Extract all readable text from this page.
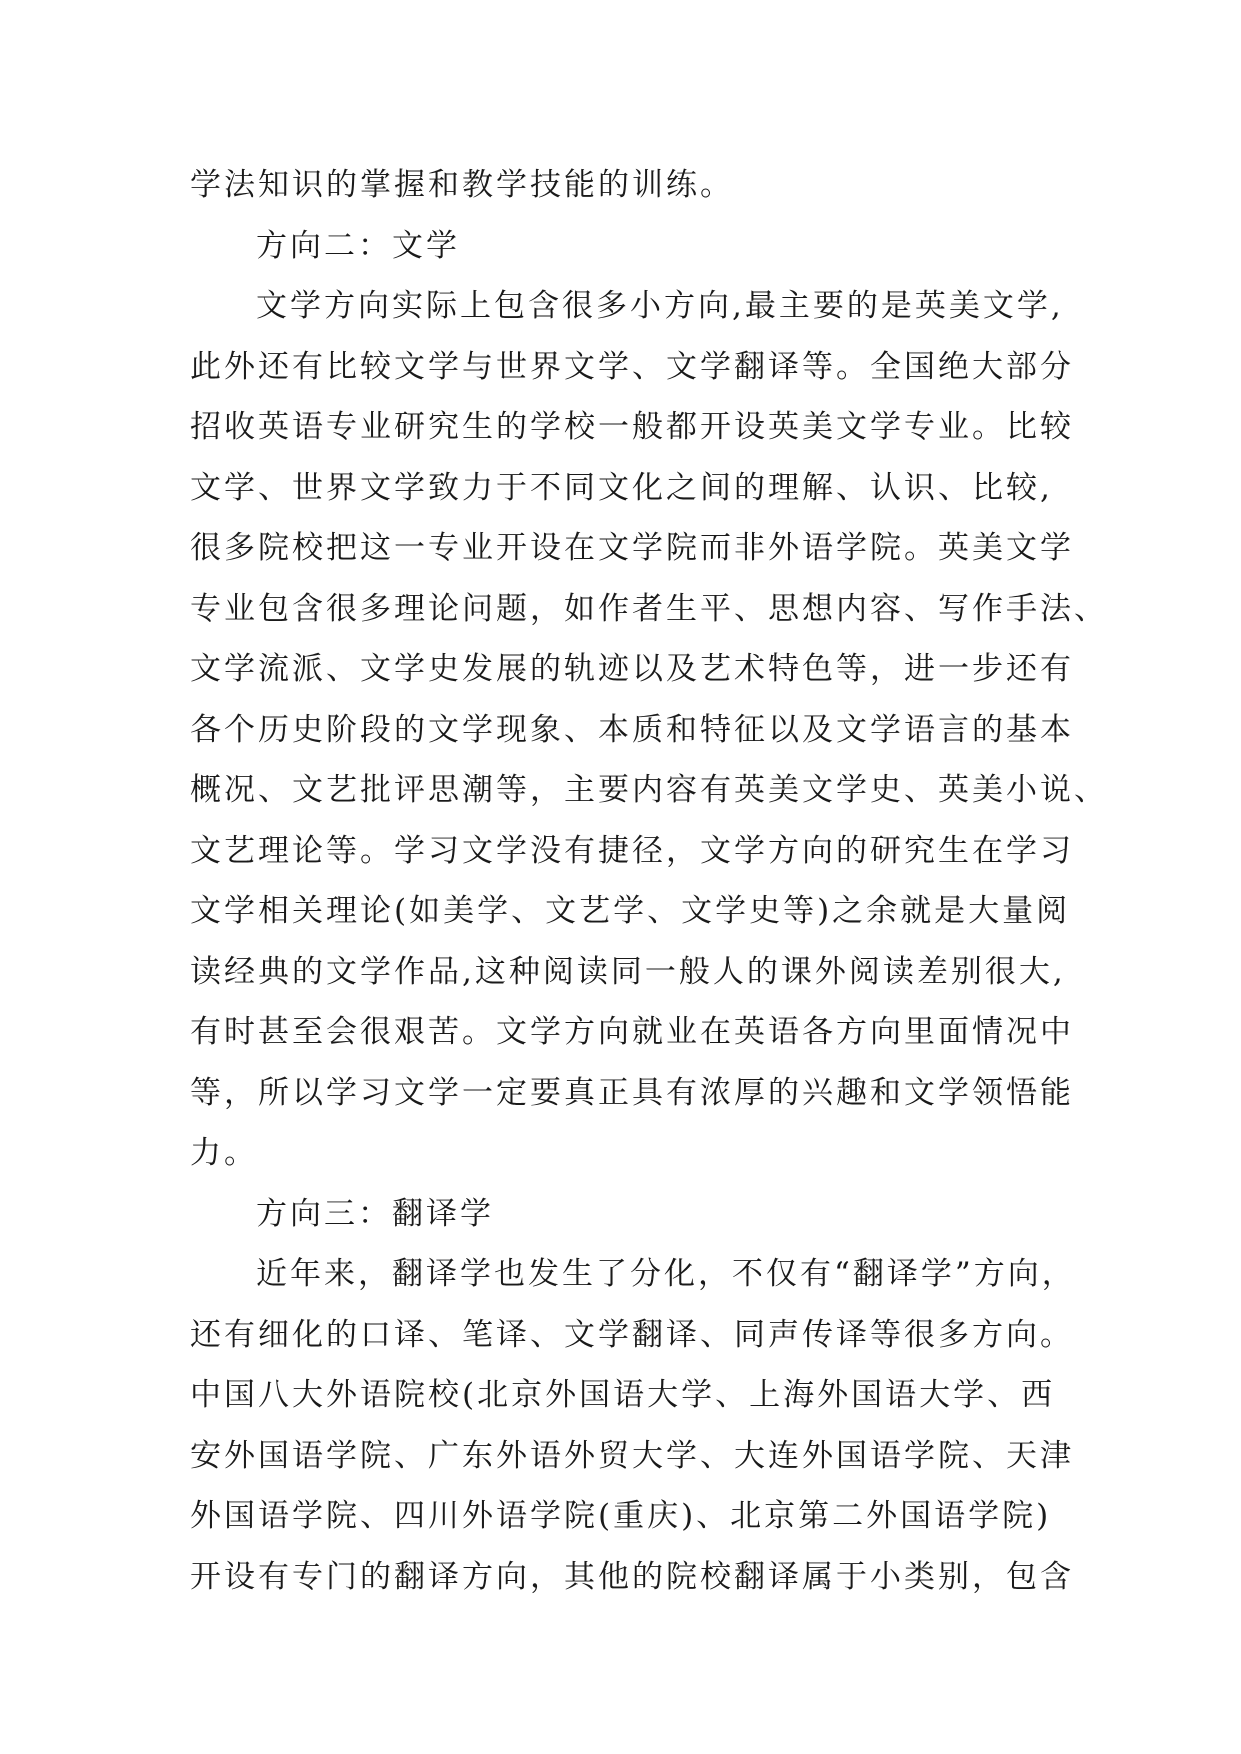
学法知识的掌握和教学技能的训练。
方向二：文学
文学方向实际上包含很多小方向,最主要的是英美文学,
此外还有比较文学与世界文学、文学翻译等。全国绝大部分
招收英语专业研究生的学校一般都开设英美文学专业。比较
文学、世界文学致力于不同文化之间的理解、认识、比较,
很多院校把这一专业开设在文学院而非外语学院。英美文学
专业包含很多理论问题，如作者生平、思想内容、写作手法、
文学流派、文学史发展的轨迹以及艺术特色等，进一步还有
各个历史阶段的文学现象、本质和特征以及文学语言的基本
概况、文艺批评思潮等，主要内容有英美文学史、英美小说、
文艺理论等。学习文学没有捷径，文学方向的研究生在学习
文学相关理论(如美学、文艺学、文学史等)之余就是大量阅
读经典的文学作品,这种阅读同一般人的课外阅读差别很大,
有时甚至会很艰苦。文学方向就业在英语各方向里面情况中
等，所以学习文学一定要真正具有浓厚的兴趣和文学领悟能
力。
方向三：翻译学
近年来，翻译学也发生了分化，不仅有“翻译学”方向，
还有细化的口译、笔译、文学翻译、同声传译等很多方向。
中国八大外语院校(北京外国语大学、上海外国语大学、西
安外国语学院、广东外语外贸大学、大连外国语学院、天津
外国语学院、四川外语学院(重庆)、北京第二外国语学院)
开设有专门的翻译方向，其他的院校翻译属于小类别，包含
